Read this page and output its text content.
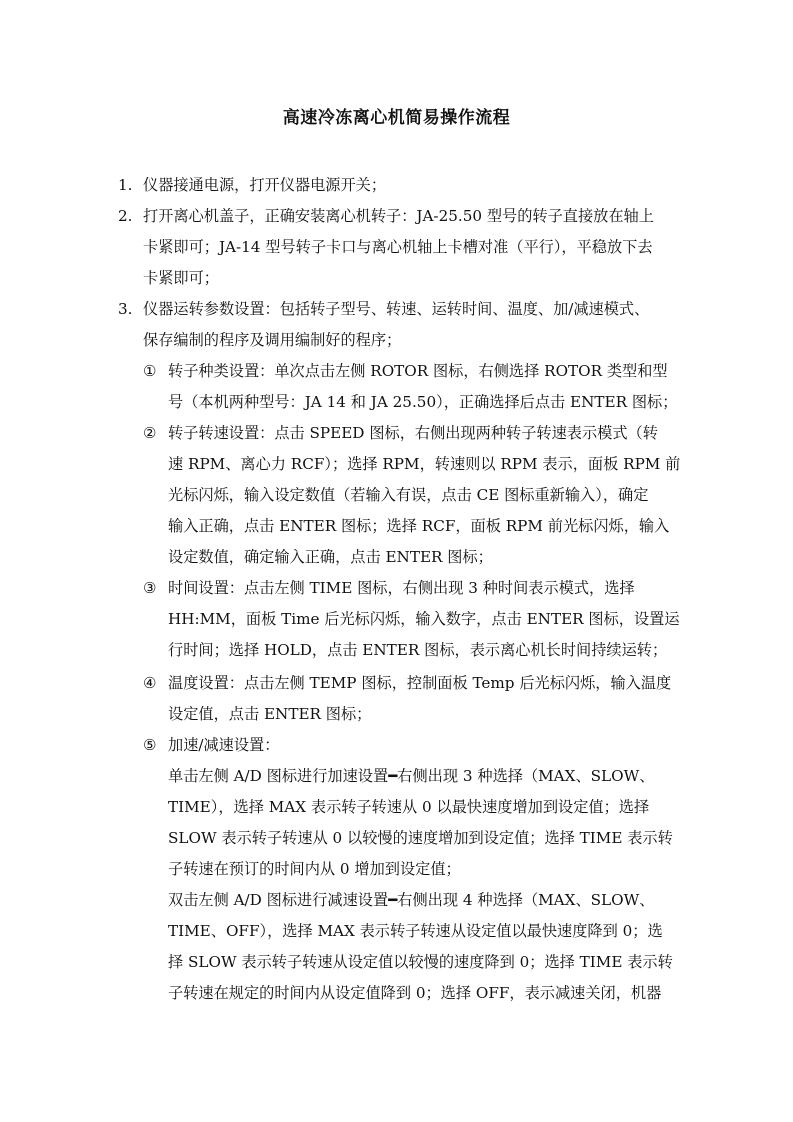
高速冷冻离心机简易操作流程
1. 仪器接通电源，打开仪器电源开关；
2. 打开离心机盖子，正确安装离心机转子：JA-25.50 型号的转子直接放在轴上
卡紧即可；JA-14 型号转子卡口与离心机轴上卡槽对准（平行），平稳放下去
卡紧即可；
3. 仪器运转参数设置：包括转子型号、转速、运转时间、温度、加/减速模式、
保存编制的程序及调用编制好的程序；
① 转子种类设置：单次点击左侧 ROTOR 图标，右侧选择 ROTOR 类型和型
号（本机两种型号：JA 14 和 JA 25.50），正确选择后点击 ENTER 图标；
② 转子转速设置：点击 SPEED 图标，右侧出现两种转子转速表示模式（转
速 RPM、离心力 RCF）；选择 RPM，转速则以 RPM 表示，面板 RPM 前
光标闪烁，输入设定数值（若输入有误，点击 CE 图标重新输入），确定
输入正确，点击 ENTER 图标；选择 RCF，面板 RPM 前光标闪烁，输入
设定数值，确定输入正确，点击 ENTER 图标；
③ 时间设置：点击左侧 TIME 图标，右侧出现 3 种时间表示模式，选择
HH:MM，面板 Time 后光标闪烁，输入数字，点击 ENTER 图标，设置运
行时间；选择 HOLD，点击 ENTER 图标，表示离心机长时间持续运转；
④ 温度设置：点击左侧 TEMP 图标，控制面板 Temp 后光标闪烁，输入温度
设定值，点击 ENTER 图标；
⑤ 加速/减速设置：
单击左侧 A/D 图标进行加速设置━右侧出现 3 种选择（MAX、SLOW、
TIME），选择 MAX 表示转子转速从 0 以最快速度增加到设定值；选择
SLOW 表示转子转速从 0 以较慢的速度增加到设定值；选择 TIME 表示转
子转速在预订的时间内从 0 增加到设定值；
双击左侧 A/D 图标进行减速设置━右侧出现 4 种选择（MAX、SLOW、
TIME、OFF），选择 MAX 表示转子转速从设定值以最快速度降到 0；选
择 SLOW 表示转子转速从设定值以较慢的速度降到 0；选择 TIME 表示转
子转速在规定的时间内从设定值降到 0；选择 OFF，表示减速关闭，机器
